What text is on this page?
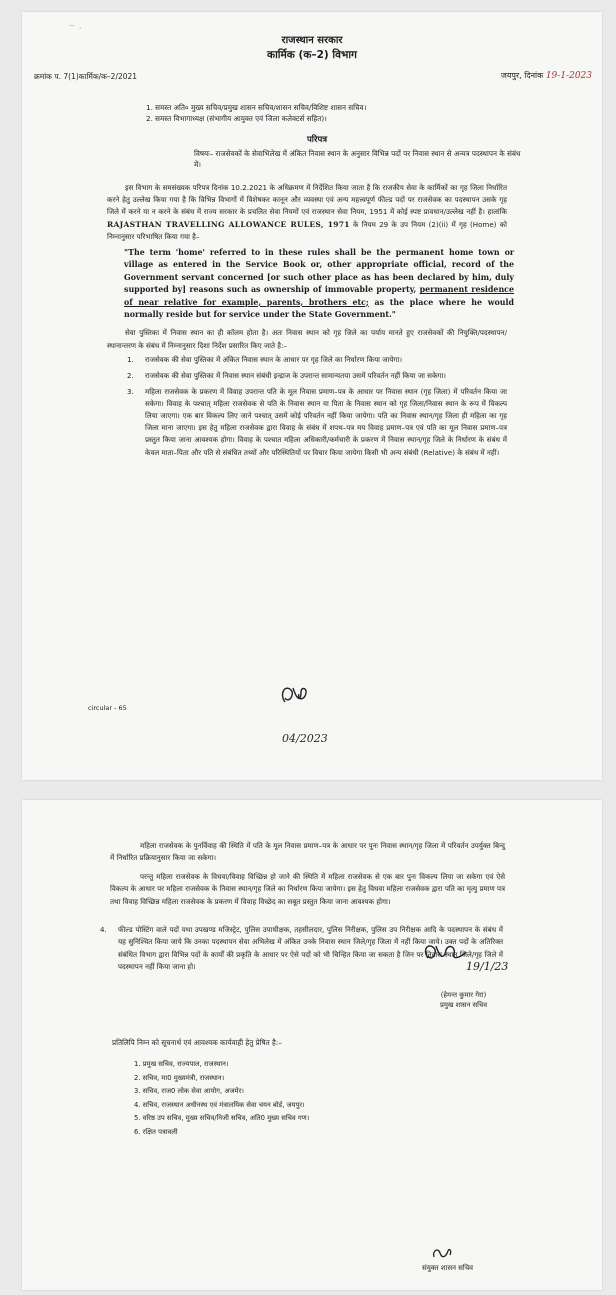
~ ,
राजस्थान सरकार
कार्मिक (क–2) विभाग
क्रमांक प. 7(1)कार्मिक/क–2/2021	जयपुर, दिनांक 19-1-2023
1. समस्त अति० मुख्य सचिव/प्रमुख शासन सचिव/शासन सचिव/विशिष्ट शासन सचिव।
2. समस्त विभागाध्यक्ष (संभागीय आयुक्त एवं जिला कलेक्टर्स सहित)।
परिपत्र
विषयः– राजसेवकों के सेवाभिलेख में अंकित निवास स्थान के अनुसार विभिन्न पदों पर निवास स्थान से अन्यत्र पदस्थापन के संबंध में।
इस विभाग के समसंख्यक परिपत्र दिनांक 10.2.2021 के अधिक्रमण में निर्देशित किया जाता है कि राजकीय सेवा के कार्मिकों का गृह जिला निर्धारित करने हेतु उल्लेख किया गया है कि विभिन्न विभागों में विशेषकर कानून और व्यवस्था एवं अन्य महत्त्वपूर्ण फील्ड पदों पर राजसेवक का पदस्थापन उसके गृह जिले में करने या न करने के संबंध में राज्य सरकार के प्रचलित सेवा नियमों एवं राजस्थान सेवा नियम, 1951 में कोई स्पष्ट प्रावधान/उल्लेख नहीं है। हालांकि RAJASTHAN TRAVELLING ALLOWANCE RULES, 1971 के नियम 29 के उप नियम (2)(ii) में गृह (Home) को निम्नानुसार परिभाषित किया गया है–
"The term 'home' referred to in these rules shall be the permanent home town or village as entered in the Service Book or, other appropriate official, record of the Government servant concerned [or such other place as has been declared by him, duly supported by] reasons such as ownership of immovable property, permanent residence of near relative for example, parents, brothers etc; as the place where he would normally reside but for service under the State Government."
सेवा पुस्तिका में निवास स्थान का ही कॉलम होता है। अतः निवास स्थान को गृह जिले का पर्याय मानते हुए राजसेवकों की नियुक्ति/पदस्थापन/स्थानान्तरण के संबंध में निम्नानुसार दिशा निर्देश प्रसारित किए जाते है:–
1. राजसेवक की सेवा पुस्तिका में अंकित निवास स्थान के आधार पर गृह जिले का निर्धारण किया जायेगा।
2. राजसेवक की सेवा पुस्तिका में निवास स्थान संबंधी इन्द्राज के उपरान्त सामान्यतया उसमें परिवर्तन नहीं किया जा सकेगा।
3. महिला राजसेवक के प्रकरण में विवाह उपरान्त पति के मूल निवास प्रमाण–पत्र के आधार पर निवास स्थान (गृह जिला) में परिवर्तन किया जा सकेगा। विवाह के पश्चात् महिला राजसेवक से पति के निवास स्थान या पिता के निवास स्थान को गृह जिला/निवास स्थान के रूप में विकल्प लिया जाएगा। एक बार विकल्प लिए जाने पश्चात् उसमें कोई परिवर्तन नहीं किया जायेगा। पति का निवास स्थान/गृह जिला ही महिला का गृह जिला माना जाएगा। इस हेतु महिला राजसेवक द्वारा विवाह के संबंध में शपथ–पत्र मय विवाह प्रमाण–पत्र एवं पति का मूल निवास प्रमाण–पत्र प्रस्तुत किया जाना आवश्यक होगा। विवाह के पश्चात महिला अधिकारी/कर्मचारी के प्रकरण में निवास स्थान/गृह जिले के निर्धारण के संबंध में केवल माता–पिता और पति से संबंधित तथ्यों और परिस्थितियों पर विचार किया जायेगा किसी भी अन्य संबंधी (Relative) के संबंध में नहीं।
circular - 65
04/2023
महिला राजसेवक के पुनर्विवाह की स्थिति में पति के मूल निवास प्रमाण–पत्र के आधार पर पुनः निवास स्थान/गृह जिला में परिवर्तन उपर्युक्त बिन्दु में निर्धारित प्रक्रियानुसार किया जा सकेगा।
परन्तु महिला राजसेवक के विधवा/विवाह विच्छिन्न हो जाने की स्थिति में महिला राजसेवक से एक बार पुनः विकल्प लिया जा सकेगा एवं ऐसे विकल्प के आधार पर महिला राजसेवक के निवास स्थान/गृह जिले का निर्धारण किया जायेगा। इस हेतु विधवा महिला राजसेवक द्वारा पति का मृत्यु प्रमाण पत्र तथा विवाह विच्छिन्न महिला राजसेवक के प्रकरण में विवाह विच्छेद का सबूत प्रस्तुत किया जाना आवश्यक होगा।
4. फील्ड पोस्टिंग वाले पदों यथा उपखण्ड मजिस्ट्रेट, पुलिस उपाधीक्षक, तहसीलदार, पुलिस निरीक्षक, पुलिस उप निरीक्षक आदि के पदस्थापन के संबंध में यह सुनिश्चित किया जाये कि उनका पदस्थापन सेवा अभिलेख में अंकित उनके निवास स्थान जिले/गृह जिला में नहीं किया जाये। उक्त पदों के अतिरिक्त संबंधित विभाग द्वारा विभिन्न पदों के कार्यों की प्रकृति के आधार पर ऐसे पदों को भी चिन्हित किया जा सकता है जिन पर निवास स्थान जिले/गृह जिले में पदस्थापन नहीं किया जाना हो।	19/1/23
(हेमन्त कुमार गेरा)
प्रमुख शासन सचिव
प्रतिलिपि निम्न को सूचनार्थ एवं आवश्यक कार्यवाही हेतु प्रेषित है:–
1. प्रमुख सचिव, राज्यपाल, राजस्थान।
2. सचिव, मा0 मुख्यमंत्री, राजस्थान।
3. सचिव, राज0 लोक सेवा आयोग, अजमेर।
4. सचिव, राजस्थान अधीनस्थ एवं मंत्रालयिक सेवा चयन बोर्ड, जयपुर।
5. वरिष्ठ उप सचिव, मुख्य सचिव/निजी सचिव, अति0 मुख्य सचिव गण।
6. रक्षित पत्रावली
संयुक्त शासन सचिव
